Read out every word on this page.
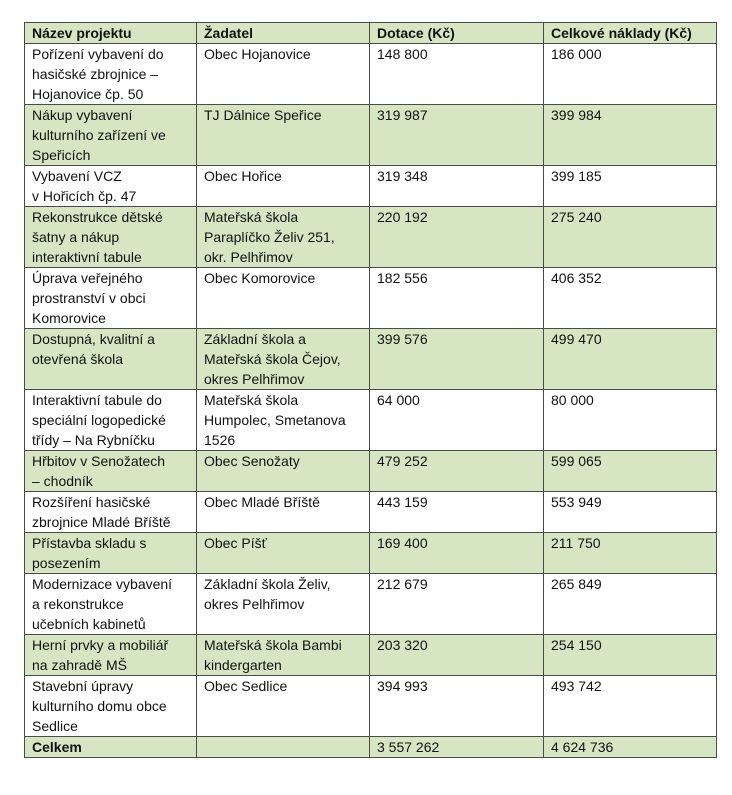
Název projektu	Žadatel	Dotace (Kč)	Celkové náklady (Kč)
Pořízení vybavení do
hasičské zbrojnice –
Hojanovice čp. 50	Obec Hojanovice	148 800	186 000
Nákup vybavení
kulturního zařízení ve
Speřicích	TJ Dálnice Speřice	319 987	399 984
Vybavení VCZ
v Hořicích čp. 47	Obec Hořice	319 348	399 185
Rekonstrukce dětské
šatny a nákup
interaktivní tabule	Mateřská škola
Paraplíčko Želiv 251,
okr. Pelhřimov	220 192	275 240
Úprava veřejného
prostranství v obci
Komorovice	Obec Komorovice	182 556	406 352
Dostupná, kvalitní a
otevřená škola	Základní škola a
Mateřská škola Čejov,
okres Pelhřimov	399 576	499 470
Interaktivní tabule do
speciální logopedické
třídy – Na Rybníčku	Mateřská škola
Humpolec, Smetanova
1526	64 000	80 000
Hřbitov v Senožatech
– chodník	Obec Senožaty	479 252	599 065
Rozšíření hasičské
zbrojnice Mladé Bříště	Obec Mladé Bříště	443 159	553 949
Přístavba skladu s
posezením	Obec Píšť	169 400	211 750
Modernizace vybavení
a rekonstrukce
učebních kabinetů	Základní škola Želiv,
okres Pelhřimov	212 679	265 849
Herní prvky a mobiliář
na zahradě MŠ	Mateřská škola Bambi
kindergarten	203 320	254 150
Stavební úpravy
kulturního domu obce
Sedlice	Obec Sedlice	394 993	493 742
Celkem		3 557 262	4 624 736
